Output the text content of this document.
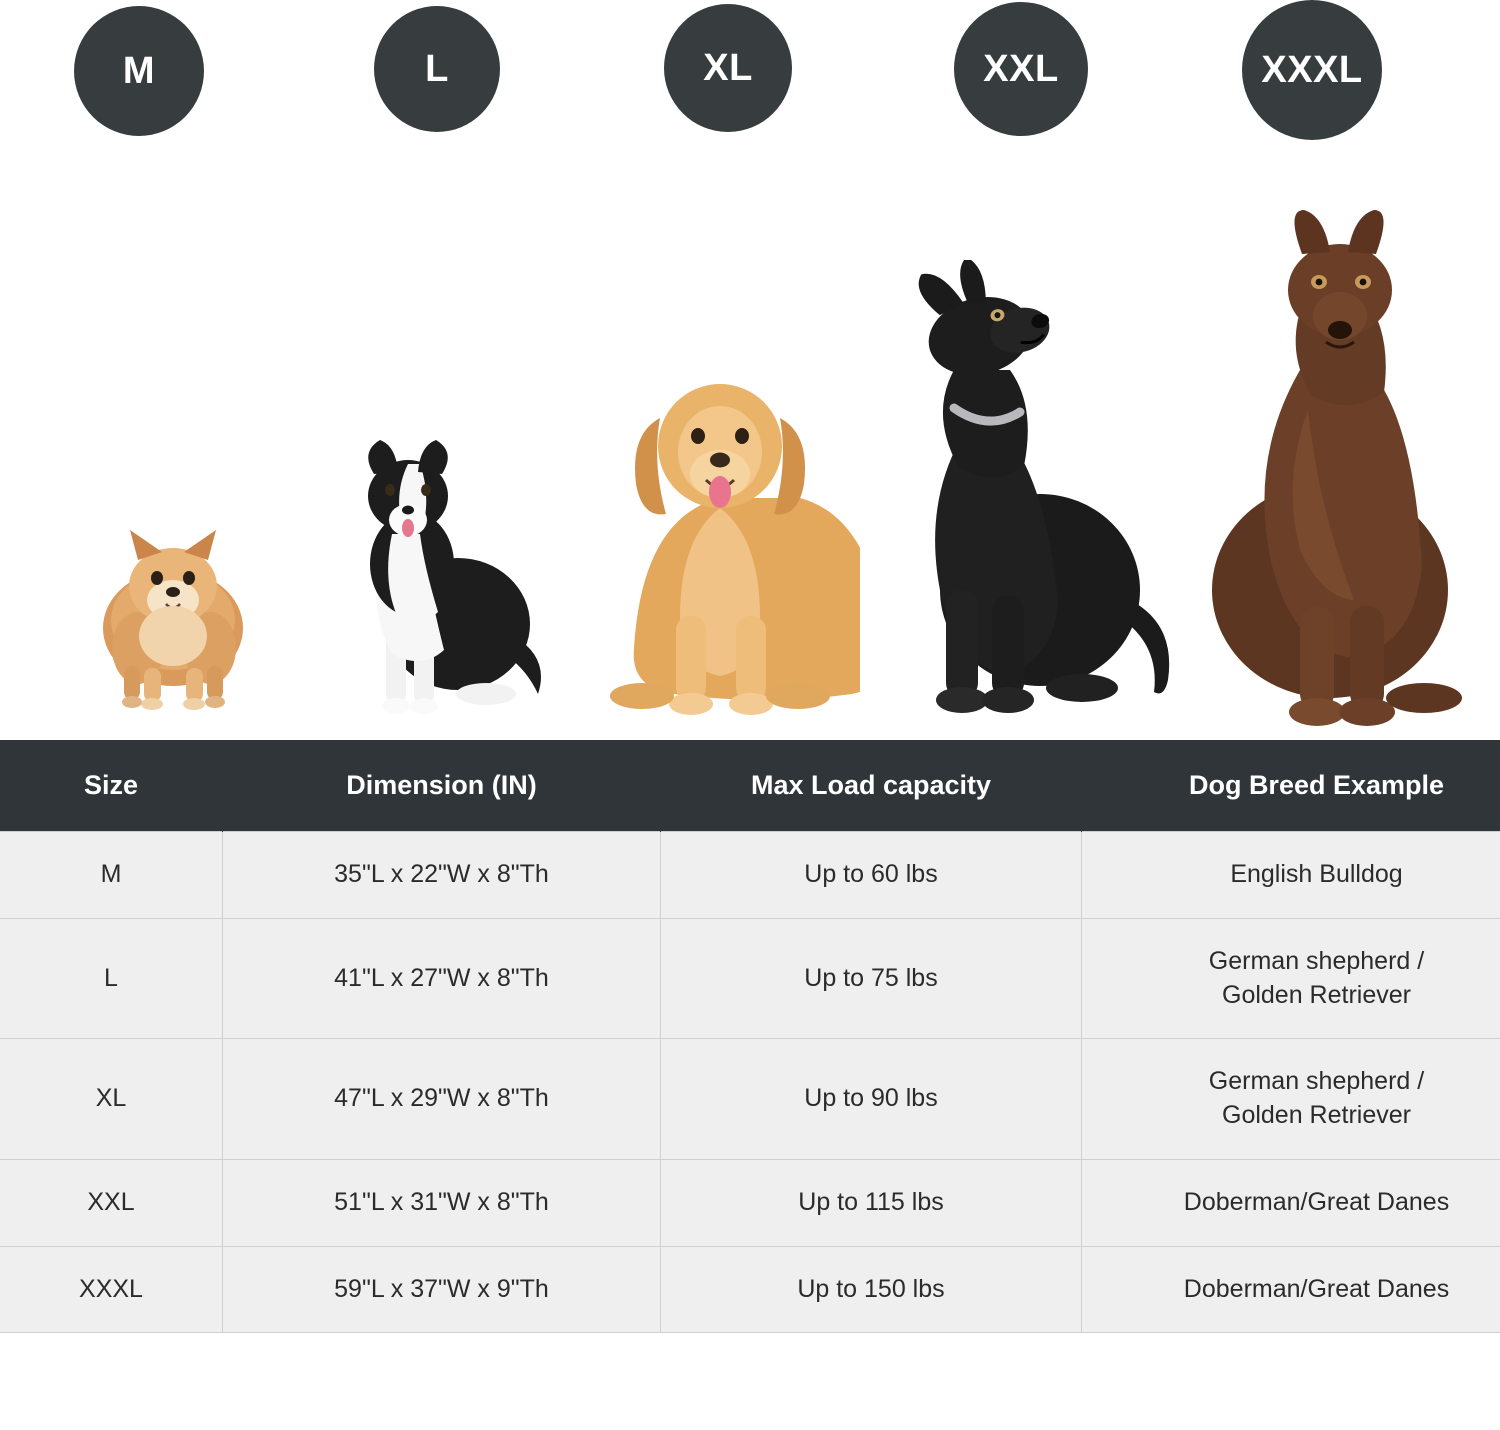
M	L	XL	XXL	XXXL
Size	Dimension (IN)	Max Load capacity	Dog Breed Example
M	35"L x 22"W x 8"Th	Up to 60 lbs	English Bulldog
L	41"L x 27"W x 8"Th	Up to 75 lbs	German shepherd /
Golden Retriever
XL	47"L x 29"W x 8"Th	Up to 90 lbs	German shepherd /
Golden Retriever
XXL	51"L x 31"W x 8"Th	Up to 115 lbs	Doberman/Great Danes
XXXL	59"L x 37"W x 9"Th	Up to 150 lbs	Doberman/Great Danes
